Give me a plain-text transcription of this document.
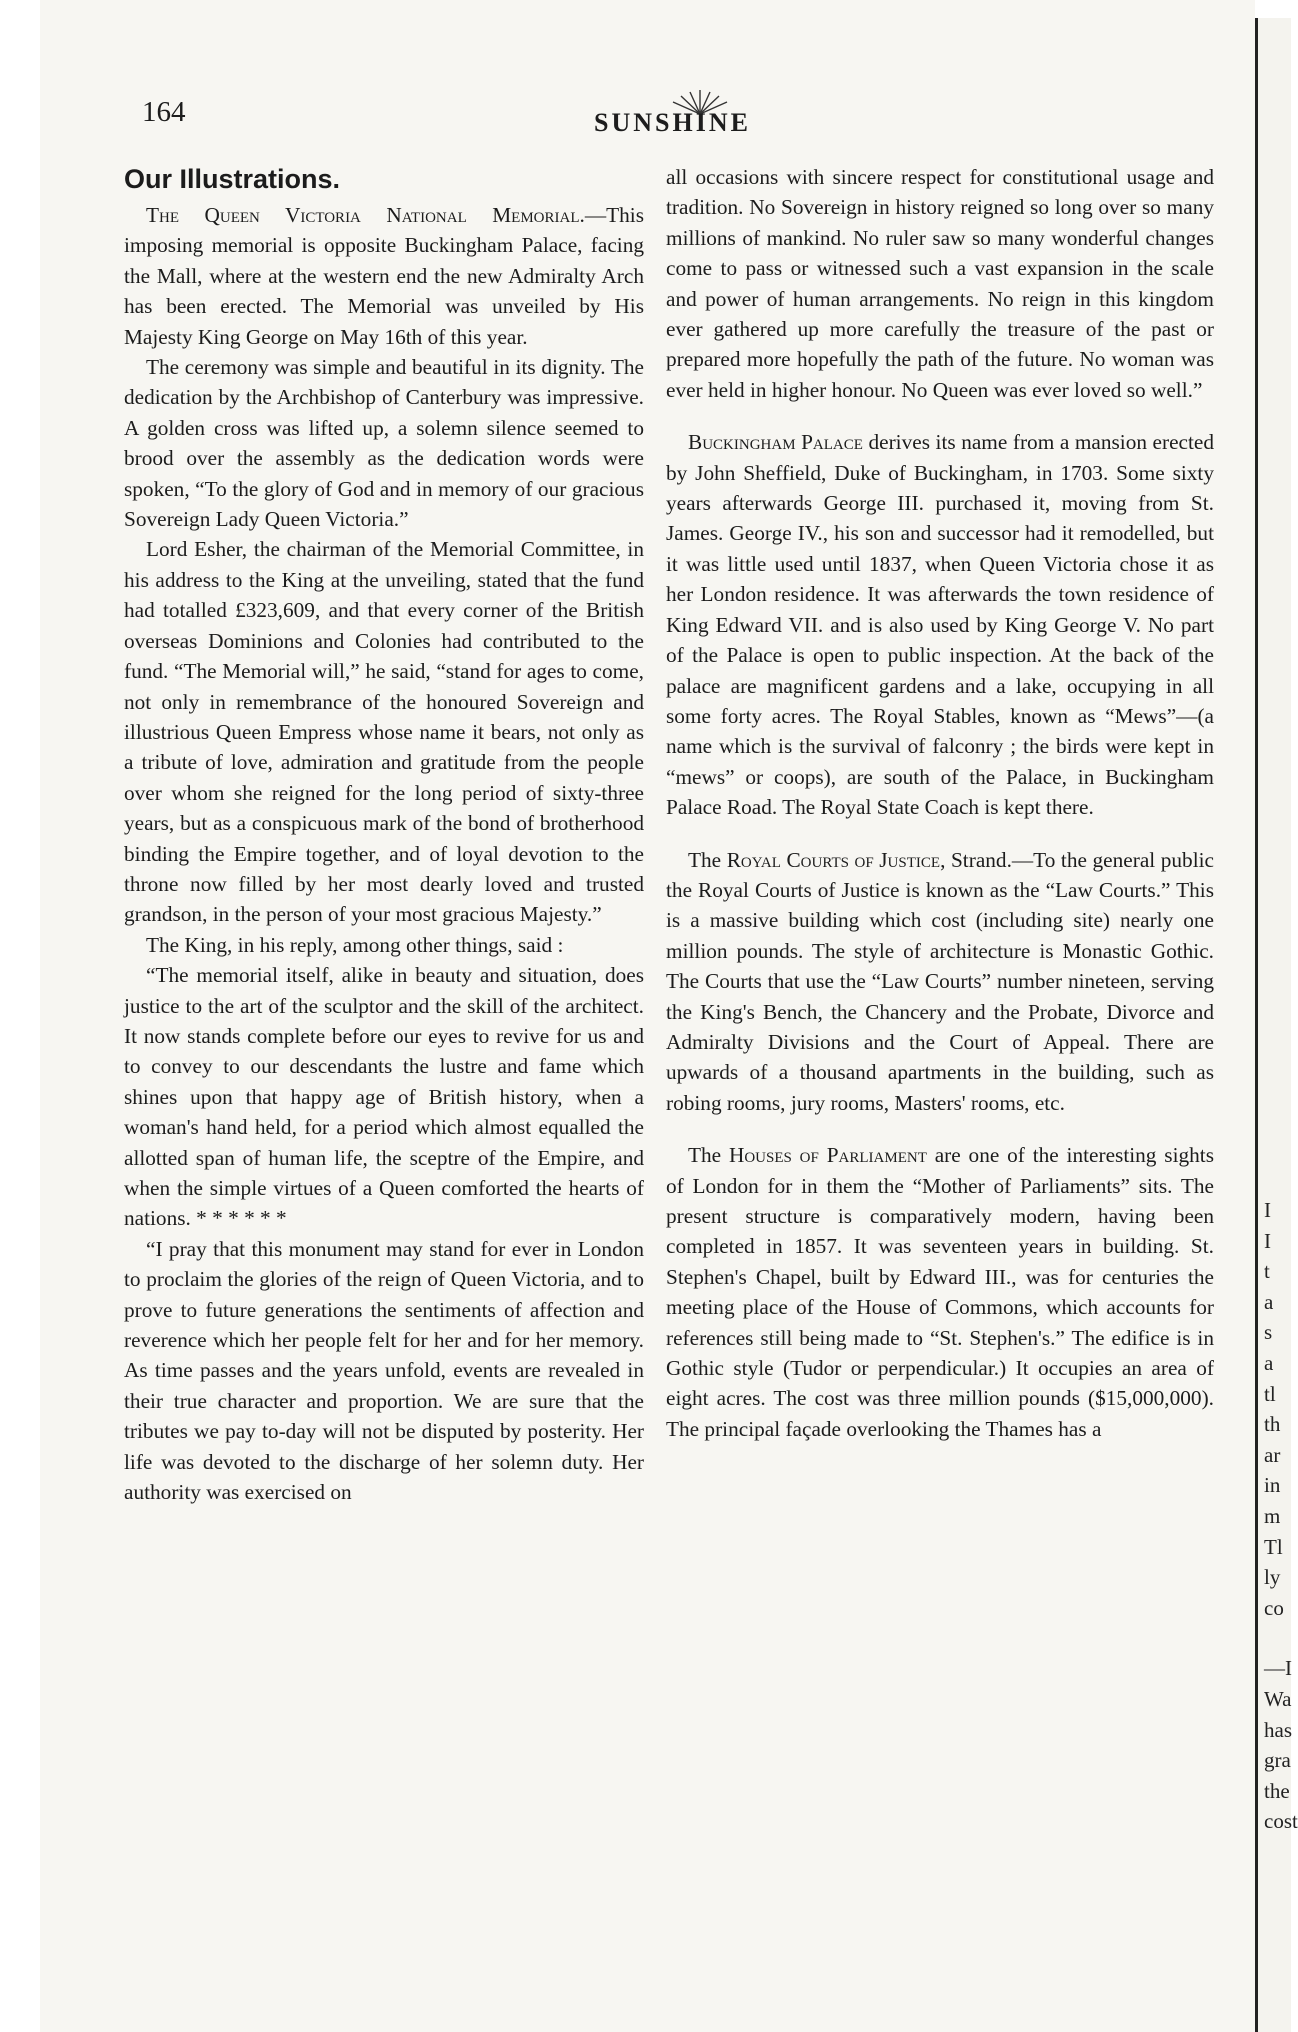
164	SUNSHINE
Our Illustrations.

The Queen Victoria National Memorial.—This imposing memorial is opposite Buckingham Palace, facing the Mall, where at the western end the new Admiralty Arch has been erected. The Memorial was unveiled by His Majesty King George on May 16th of this year.

The ceremony was simple and beautiful in its dignity. The dedication by the Archbishop of Canterbury was impressive. A golden cross was lifted up, a solemn silence seemed to brood over the assembly as the dedication words were spoken, “To the glory of God and in memory of our gracious Sovereign Lady Queen Victoria.”

Lord Esher, the chairman of the Memorial Committee, in his address to the King at the unveiling, stated that the fund had totalled £323,609, and that every corner of the British overseas Dominions and Colonies had contributed to the fund. “The Memorial will,” he said, “stand for ages to come, not only in remembrance of the honoured Sovereign and illustrious Queen Empress whose name it bears, not only as a tribute of love, admiration and gratitude from the people over whom she reigned for the long period of sixty-three years, but as a conspicuous mark of the bond of brotherhood binding the Empire together, and of loyal devotion to the throne now filled by her most dearly loved and trusted grandson, in the person of your most gracious Majesty.”

The King, in his reply, among other things, said :

“The memorial itself, alike in beauty and situation, does justice to the art of the sculptor and the skill of the architect. It now stands complete before our eyes to revive for us and to convey to our descendants the lustre and fame which shines upon that happy age of British history, when a woman's hand held, for a period which almost equalled the allotted span of human life, the sceptre of the Empire, and when the simple virtues of a Queen comforted the hearts of nations. * * * * * *

“I pray that this monument may stand for ever in London to proclaim the glories of the reign of Queen Victoria, and to prove to future generations the sentiments of affection and reverence which her people felt for her and for her memory. As time passes and the years unfold, events are revealed in their true character and proportion. We are sure that the tributes we pay to-day will not be disputed by posterity. Her life was devoted to the discharge of her solemn duty. Her authority was exercised on

all occasions with sincere respect for constitutional usage and tradition. No Sovereign in history reigned so long over so many millions of mankind. No ruler saw so many wonderful changes come to pass or witnessed such a vast expansion in the scale and power of human arrangements. No reign in this kingdom ever gathered up more carefully the treasure of the past or prepared more hopefully the path of the future. No woman was ever held in higher honour. No Queen was ever loved so well.”

Buckingham Palace derives its name from a mansion erected by John Sheffield, Duke of Buckingham, in 1703. Some sixty years afterwards George III. purchased it, moving from St. James. George IV., his son and successor had it remodelled, but it was little used until 1837, when Queen Victoria chose it as her London residence. It was afterwards the town residence of King Edward VII. and is also used by King George V. No part of the Palace is open to public inspection. At the back of the palace are magnificent gardens and a lake, occupying in all some forty acres. The Royal Stables, known as “Mews”—(a name which is the survival of falconry ; the birds were kept in “mews” or coops), are south of the Palace, in Buckingham Palace Road. The Royal State Coach is kept there.

The Royal Courts of Justice, Strand.—To the general public the Royal Courts of Justice is known as the “Law Courts.” This is a massive building which cost (including site) nearly one million pounds. The style of architecture is Monastic Gothic. The Courts that use the “Law Courts” number nineteen, serving the King's Bench, the Chancery and the Probate, Divorce and Admiralty Divisions and the Court of Appeal. There are upwards of a thousand apartments in the building, such as robing rooms, jury rooms, Masters' rooms, etc.

The Houses of Parliament are one of the interesting sights of London for in them the “Mother of Parliaments” sits. The present structure is comparatively modern, having been completed in 1857. It was seventeen years in building. St. Stephen's Chapel, built by Edward III., was for centuries the meeting place of the House of Commons, which accounts for references still being made to “St. Stephen's.” The edifice is in Gothic style (Tudor or perpendicular.) It occupies an area of eight acres. The cost was three million pounds ($15,000,000). The principal façade overlooking the Thames has a

I
I
t
a
s
a
tl
th
ar
in
m
Tl
ly
co
—I
Wa
has
gra
the
cost
